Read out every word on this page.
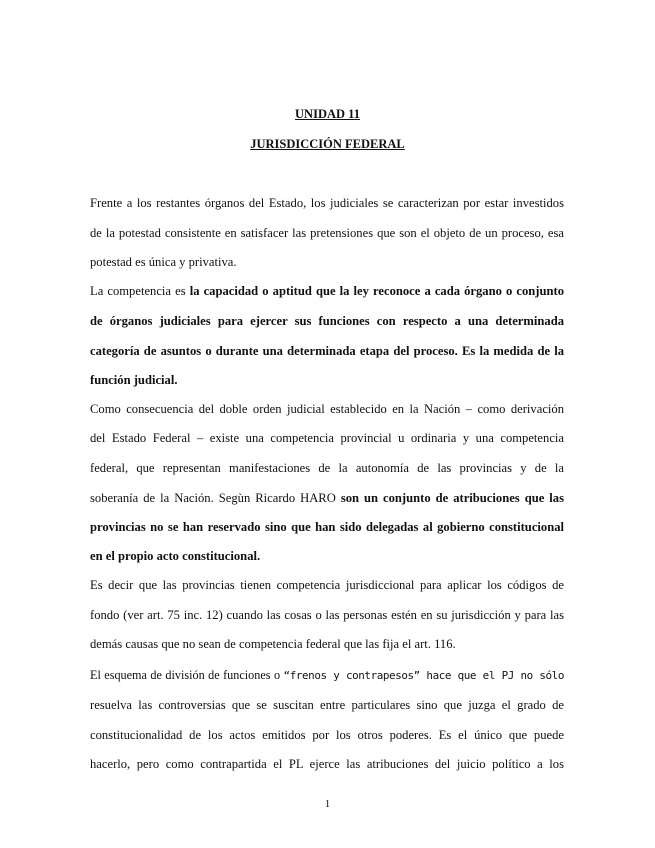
UNIDAD 11
JURISDICCIÓN FEDERAL
Frente a los restantes órganos del Estado, los judiciales se caracterizan por estar investidos
de la potestad consistente en satisfacer las pretensiones que son el objeto de un proceso, esa
potestad es única y privativa.
La competencia es la capacidad o aptitud que la ley reconoce a cada órgano o conjunto
de órganos judiciales para ejercer sus funciones con respecto a una determinada
categoría de asuntos o durante una determinada etapa del proceso. Es la medida de la
función judicial.
Como consecuencia del doble orden judicial establecido en la Nación – como derivación
del Estado Federal – existe una competencia provincial u ordinaria y una competencia
federal, que representan manifestaciones de la autonomía de las provincias y de la
soberanía de la Nación. Segùn Ricardo HARO son un conjunto de atribuciones que las
provincias no se han reservado sino que han sido delegadas al gobierno constitucional
en el propio acto constitucional.
Es decir que las provincias tienen competencia jurisdiccional para aplicar los códigos de
fondo (ver art. 75 inc. 12) cuando las cosas o las personas estén en su jurisdicción y para las
demás causas que no sean de competencia federal que las fija el art. 116.
El esquema de división de funciones o “frenos y contrapesos” hace que el PJ no sólo
resuelva las controversias que se suscitan entre particulares sino que juzga el grado de
constitucionalidad de los actos emitidos por los otros poderes. Es el único que puede
hacerlo, pero como contrapartida el PL ejerce las atribuciones del juicio político a los
1
